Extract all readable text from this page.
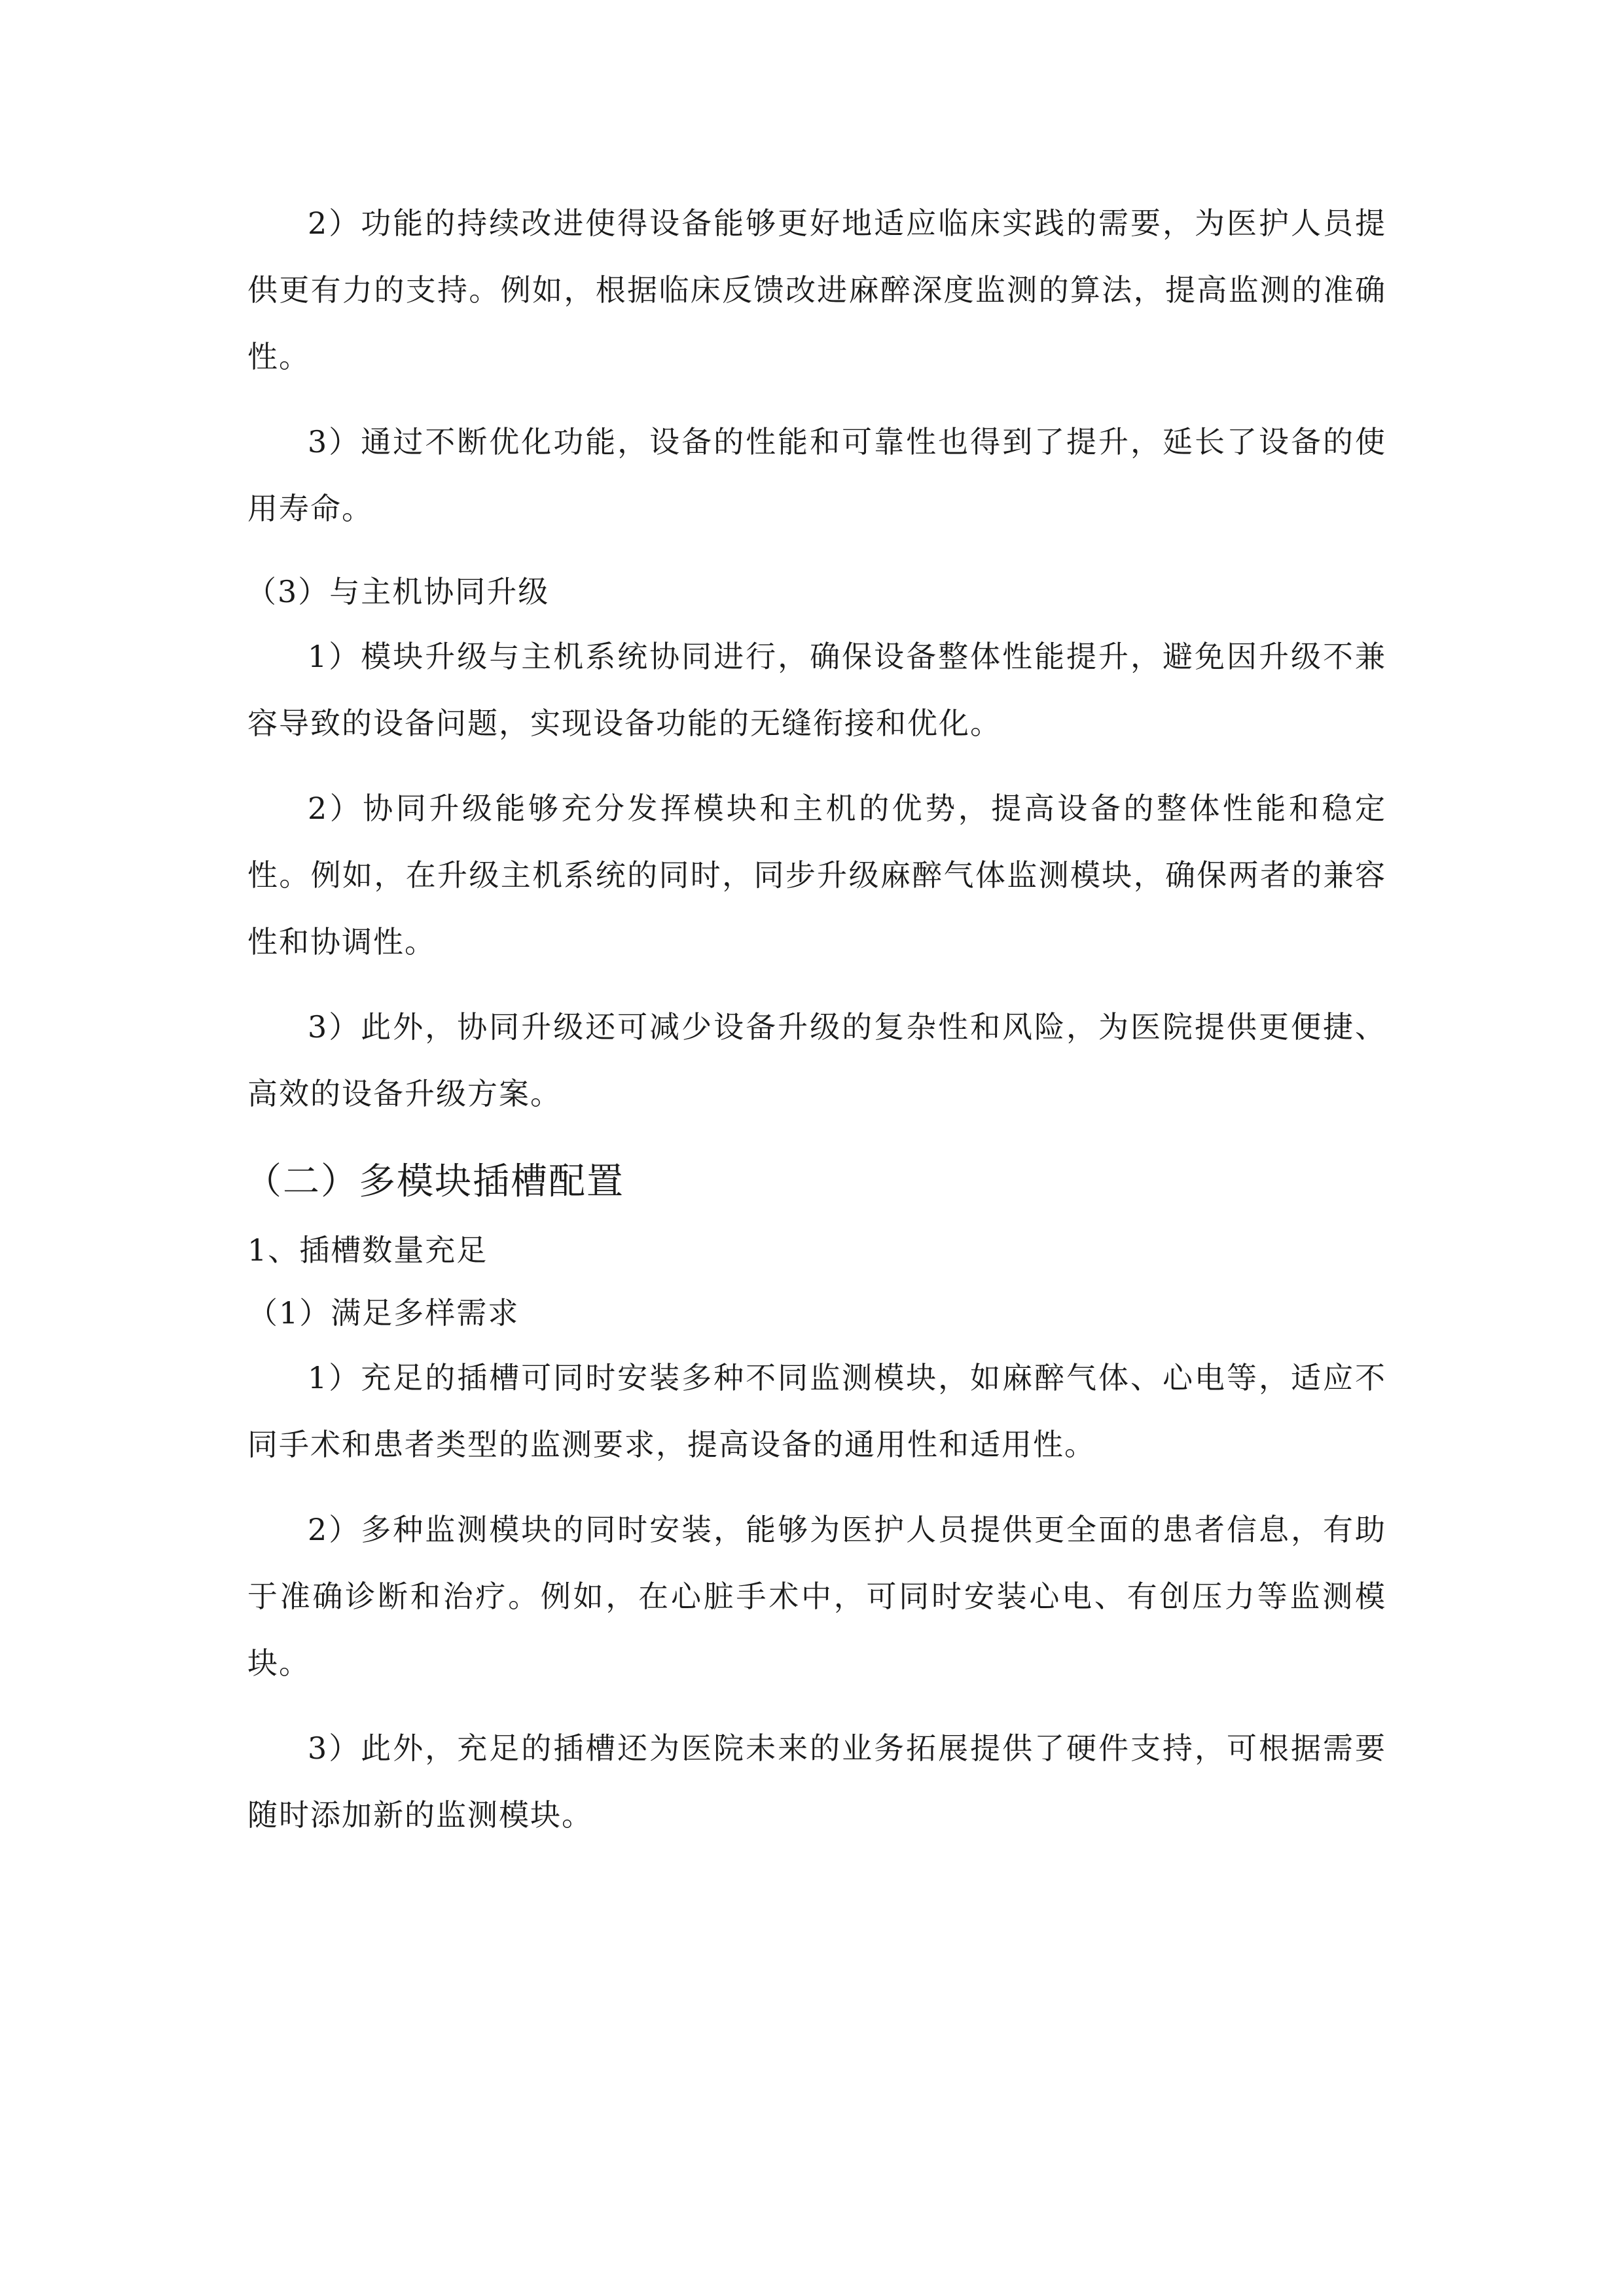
2）功能的持续改进使得设备能够更好地适应临床实践的需要，为医护人员提供更有力的支持。例如，根据临床反馈改进麻醉深度监测的算法，提高监测的准确性。

3）通过不断优化功能，设备的性能和可靠性也得到了提升，延长了设备的使用寿命。

（3）与主机协同升级

1）模块升级与主机系统协同进行，确保设备整体性能提升，避免因升级不兼容导致的设备问题，实现设备功能的无缝衔接和优化。

2）协同升级能够充分发挥模块和主机的优势，提高设备的整体性能和稳定性。例如，在升级主机系统的同时，同步升级麻醉气体监测模块，确保两者的兼容性和协调性。

3）此外，协同升级还可减少设备升级的复杂性和风险，为医院提供更便捷、高效的设备升级方案。

（二）多模块插槽配置

1、插槽数量充足

（1）满足多样需求

1）充足的插槽可同时安装多种不同监测模块，如麻醉气体、心电等，适应不同手术和患者类型的监测要求，提高设备的通用性和适用性。

2）多种监测模块的同时安装，能够为医护人员提供更全面的患者信息，有助于准确诊断和治疗。例如，在心脏手术中，可同时安装心电、有创压力等监测模块。

3）此外，充足的插槽还为医院未来的业务拓展提供了硬件支持，可根据需要随时添加新的监测模块。
